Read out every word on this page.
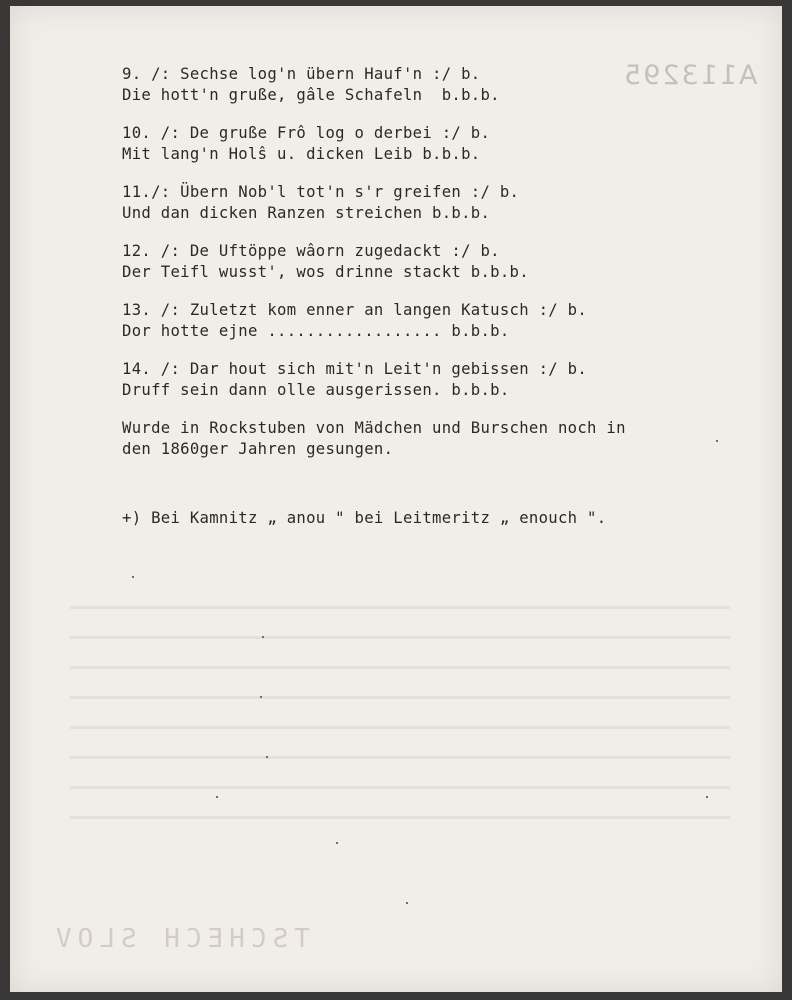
A113295
TSCHECH SLOV
9. /: Sechse log'n übern Hauf'n :/ b.
Die hott'n gruße, gâle Schafeln  b.b.b.
10. /: De gruße Frô log o derbei :/ b.
Mit lang'n Holŝ u. dicken Leib b.b.b.
11./: Übern Nob'l tot'n s'r greifen :/ b.
Und dan dicken Ranzen streichen b.b.b.
12. /: De Uftöppe wâorn zugedackt :/ b.
Der Teifl wusst', wos drinne stackt b.b.b.
13. /: Zuletzt kom enner an langen Katusch :/ b.
Dor hotte ejne .................. b.b.b.
14. /: Dar hout sich mit'n Leit'n gebissen :/ b.
Druff sein dann olle ausgerissen. b.b.b.
Wurde in Rockstuben von Mädchen und Burschen noch in
den 1860ger Jahren gesungen.
+) Bei Kamnitz „ anou " bei Leitmeritz „ enouch ".
